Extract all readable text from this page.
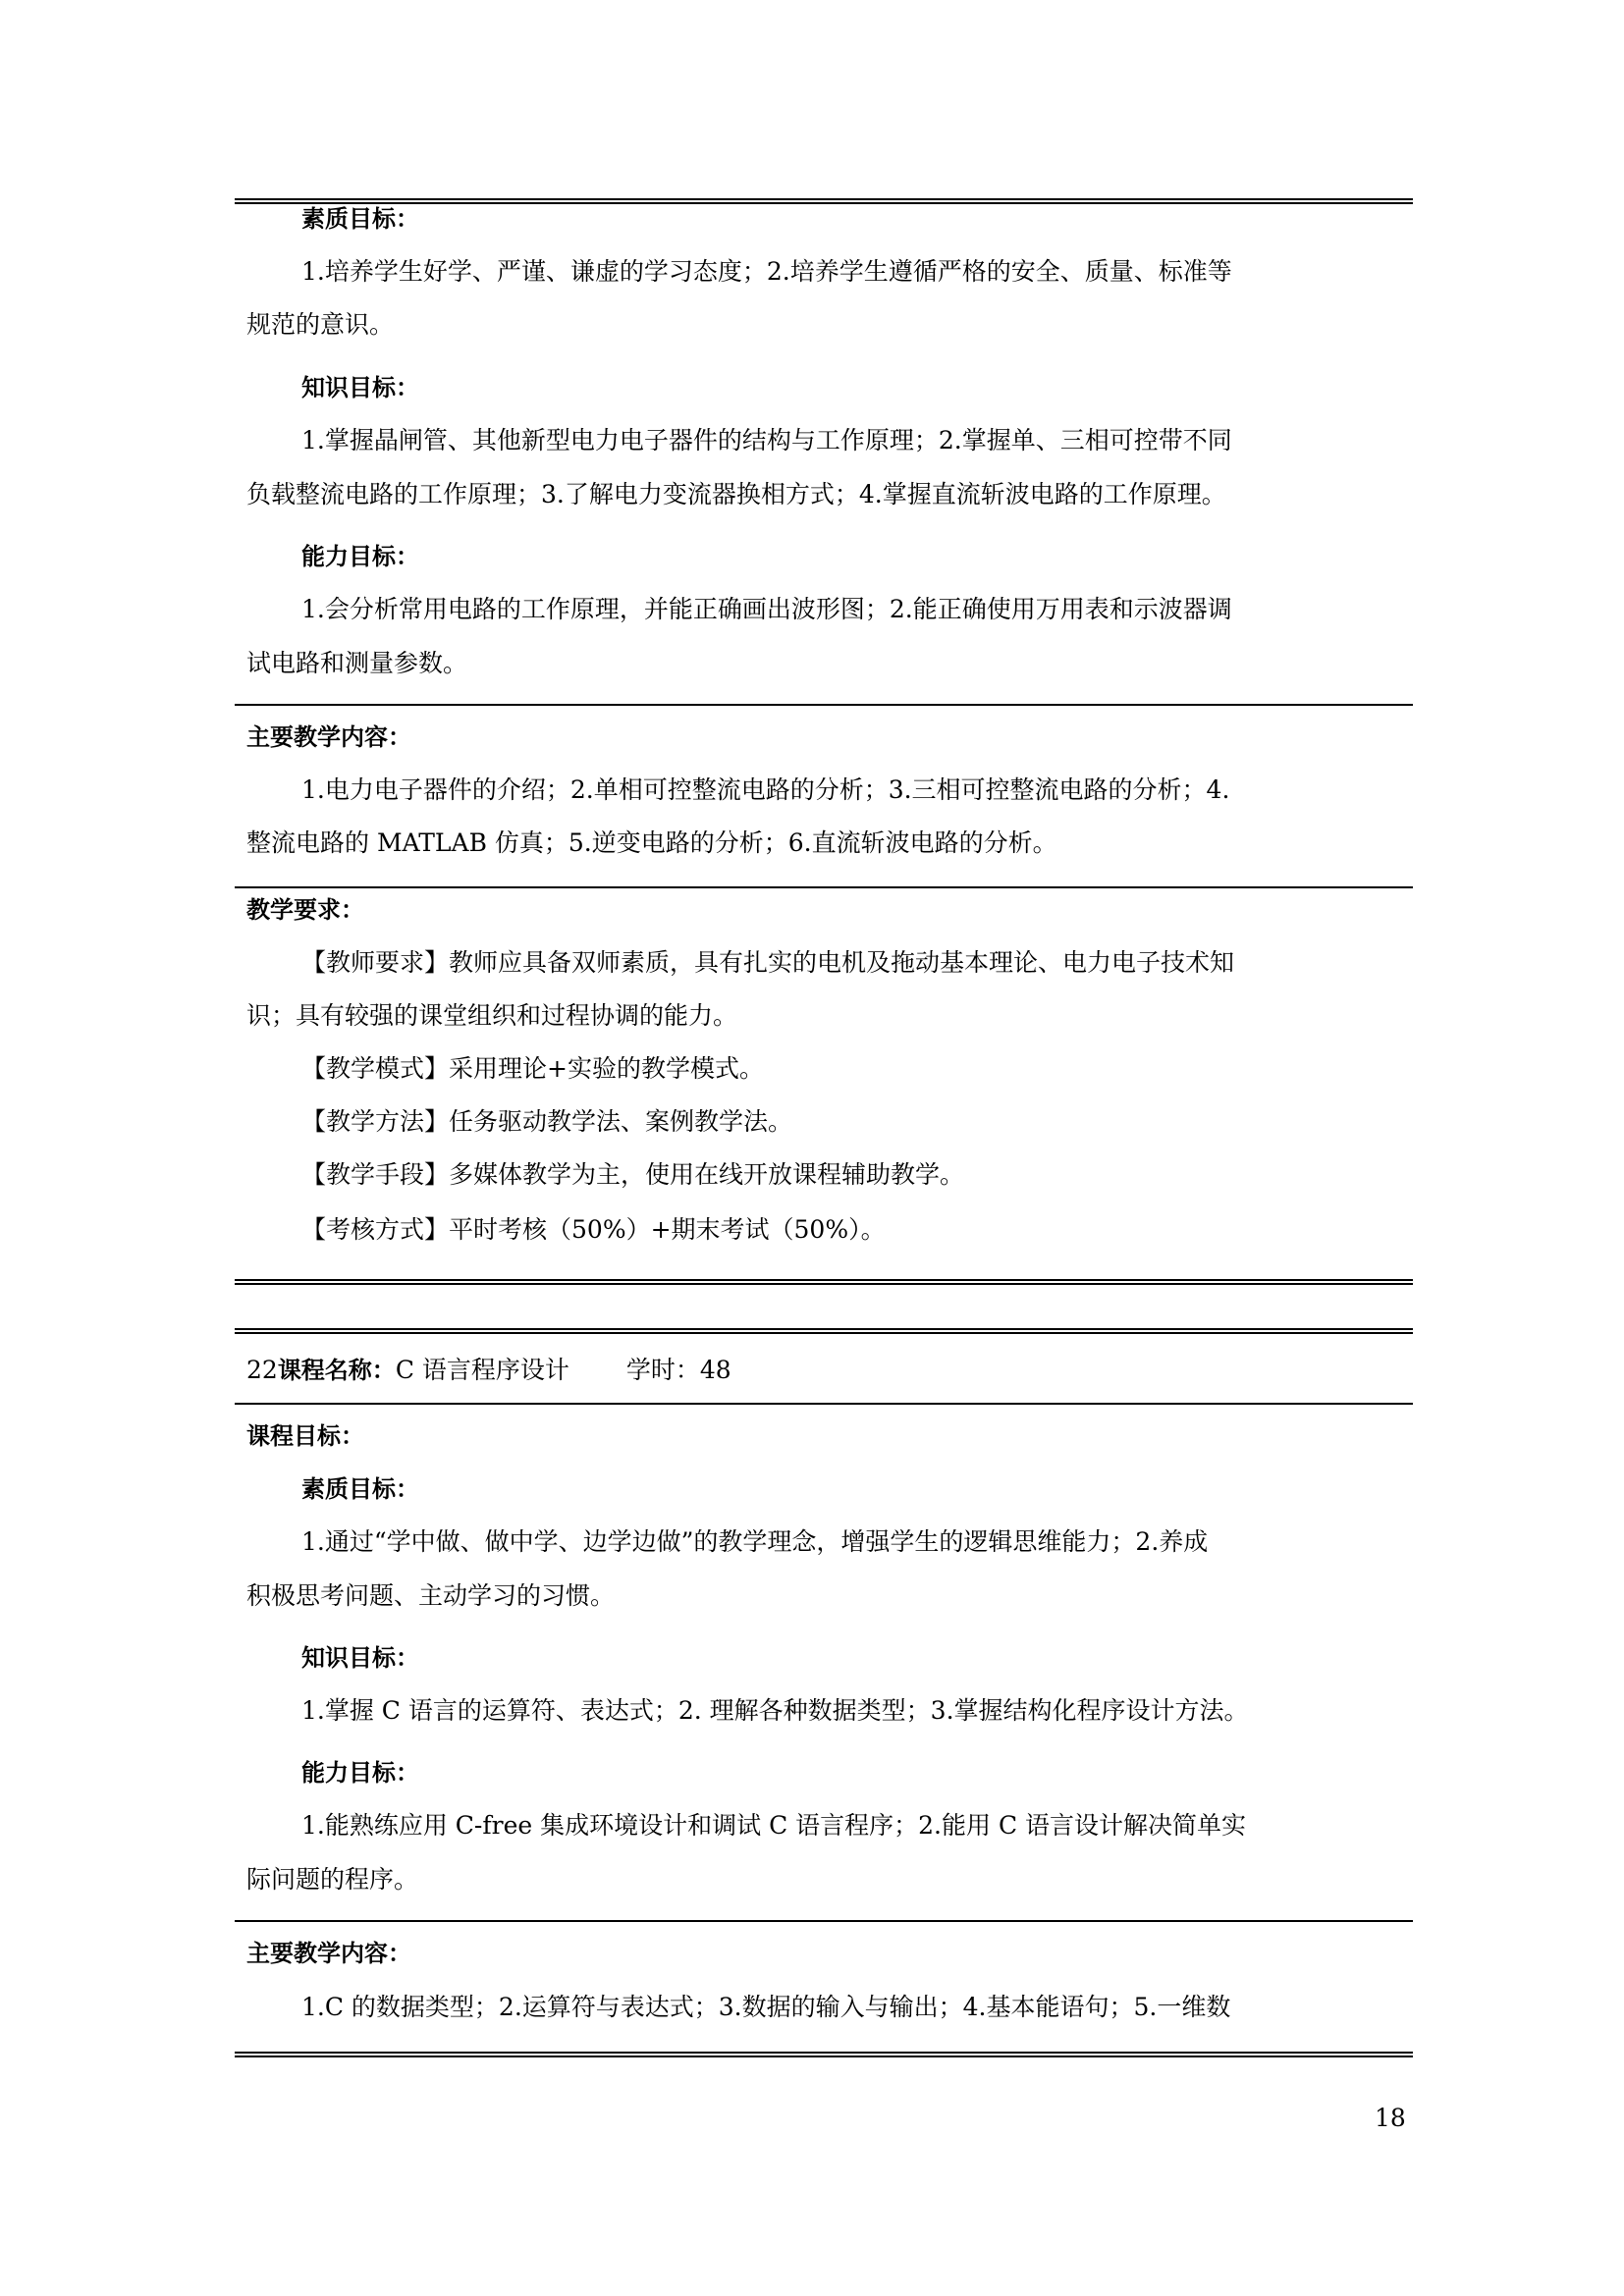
素质目标：
1.培养学生好学、严谨、谦虚的学习态度；2.培养学生遵循严格的安全、质量、标准等
规范的意识。
知识目标：
1.掌握晶闸管、其他新型电力电子器件的结构与工作原理；2.掌握单、三相可控带不同
负载整流电路的工作原理；3.了解电力变流器换相方式；4.掌握直流斩波电路的工作原理。
能力目标：
1.会分析常用电路的工作原理，并能正确画出波形图；2.能正确使用万用表和示波器调
试电路和测量参数。
主要教学内容：
1.电力电子器件的介绍；2.单相可控整流电路的分析；3.三相可控整流电路的分析；4.
整流电路的 MATLAB 仿真；5.逆变电路的分析；6.直流斩波电路的分析。
教学要求：
【教师要求】教师应具备双师素质，具有扎实的电机及拖动基本理论、电力电子技术知
识；具有较强的课堂组织和过程协调的能力。
【教学模式】采用理论+实验的教学模式。
【教学方法】任务驱动教学法、案例教学法。
【教学手段】多媒体教学为主，使用在线开放课程辅助教学。
【考核方式】平时考核（50%）+期末考试（50%）。
22课程名称：C 语言程序设计 学时：48
课程目标：
素质目标：
1.通过“学中做、做中学、边学边做”的教学理念，增强学生的逻辑思维能力；2.养成
积极思考问题、主动学习的习惯。
知识目标：
1.掌握 C 语言的运算符、表达式；2. 理解各种数据类型；3.掌握结构化程序设计方法。
能力目标：
1.能熟练应用 C-free 集成环境设计和调试 C 语言程序；2.能用 C 语言设计解决简单实
际问题的程序。
主要教学内容：
1.C 的数据类型；2.运算符与表达式；3.数据的输入与输出；4.基本能语句；5.一维数
18
